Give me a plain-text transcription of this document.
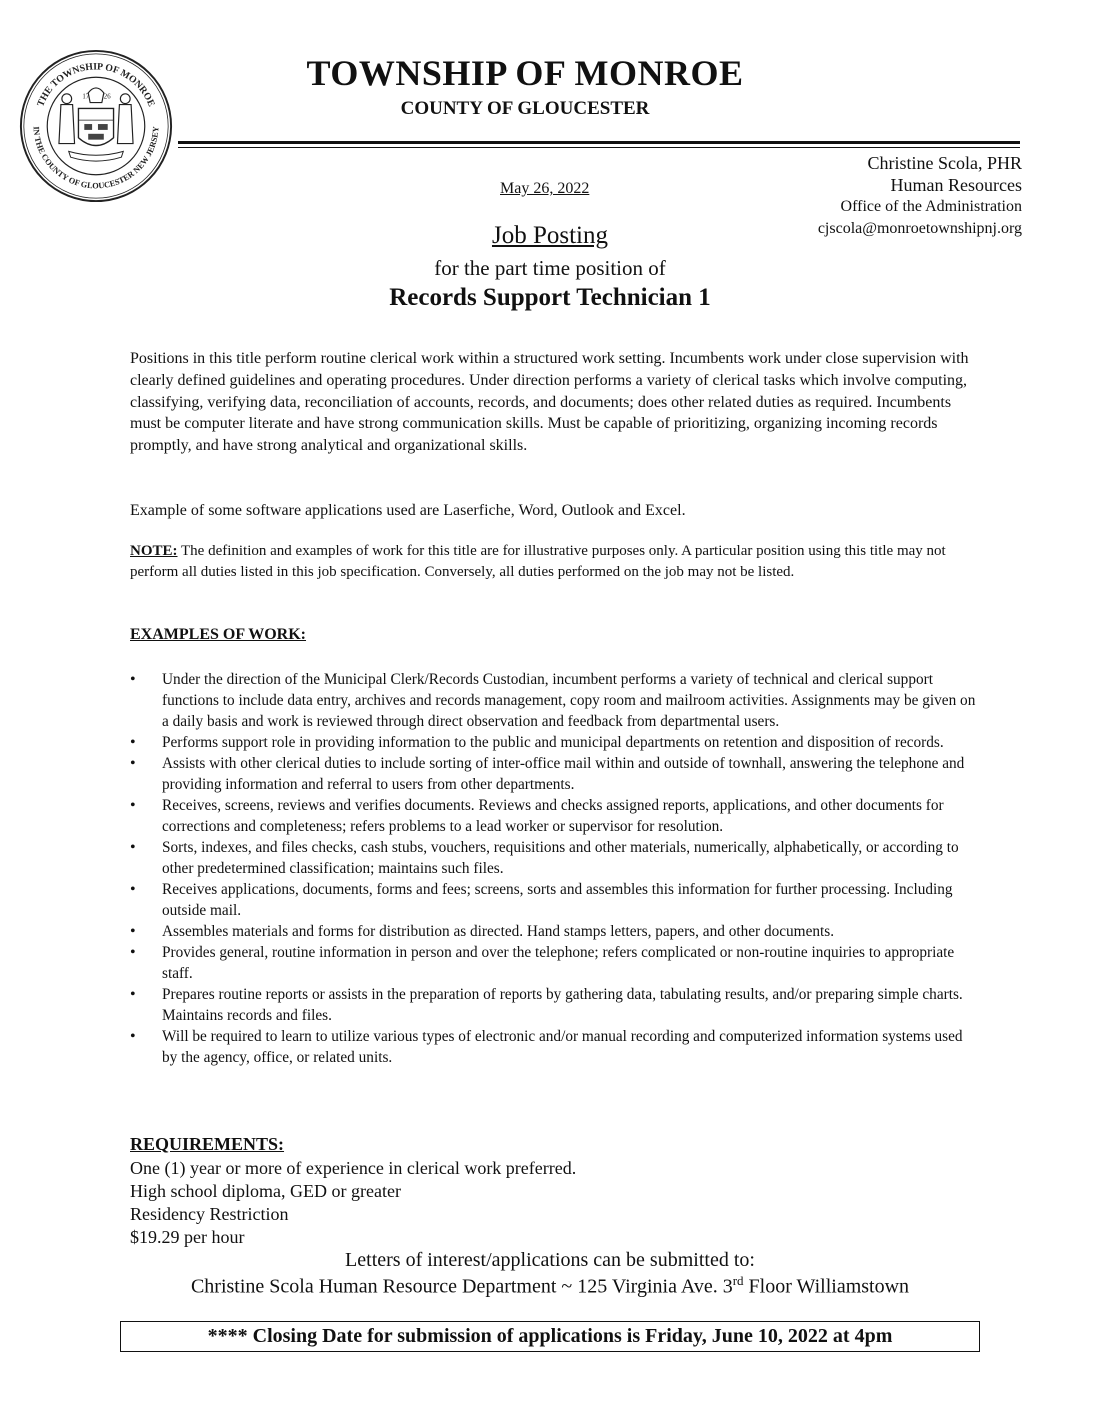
THE TOWNSHIP OF MONROE
IN THE COUNTY OF GLOUCESTER NEW JERSEY
17 26
TOWNSHIP OF MONROE
COUNTY OF GLOUCESTER
Christine Scola, PHR
Human Resources
Office of the Administration
cjscola@monroetownshipnj.org
May 26, 2022
Job Posting
for the part time position of
Records Support Technician 1
Positions in this title perform routine clerical work within a structured work setting. Incumbents work under close supervision with clearly defined guidelines and operating procedures. Under direction performs a variety of clerical tasks which involve computing, classifying, verifying data, reconciliation of accounts, records, and documents; does other related duties as required. Incumbents must be computer literate and have strong communication skills. Must be capable of prioritizing, organizing incoming records promptly, and have strong analytical and organizational skills.
Example of some software applications used are Laserfiche, Word, Outlook and Excel.
NOTE: The definition and examples of work for this title are for illustrative purposes only. A particular position using this title may not perform all duties listed in this job specification. Conversely, all duties performed on the job may not be listed.
EXAMPLES OF WORK:
• Under the direction of the Municipal Clerk/Records Custodian, incumbent performs a variety of technical and clerical support functions to include data entry, archives and records management, copy room and mailroom activities. Assignments may be given on a daily basis and work is reviewed through direct observation and feedback from departmental users.
• Performs support role in providing information to the public and municipal departments on retention and disposition of records.
• Assists with other clerical duties to include sorting of inter-office mail within and outside of townhall, answering the telephone and providing information and referral to users from other departments.
• Receives, screens, reviews and verifies documents. Reviews and checks assigned reports, applications, and other documents for corrections and completeness; refers problems to a lead worker or supervisor for resolution.
• Sorts, indexes, and files checks, cash stubs, vouchers, requisitions and other materials, numerically, alphabetically, or according to other predetermined classification; maintains such files.
• Receives applications, documents, forms and fees; screens, sorts and assembles this information for further processing. Including outside mail.
• Assembles materials and forms for distribution as directed. Hand stamps letters, papers, and other documents.
• Provides general, routine information in person and over the telephone; refers complicated or non-routine inquiries to appropriate staff.
• Prepares routine reports or assists in the preparation of reports by gathering data, tabulating results, and/or preparing simple charts. Maintains records and files.
• Will be required to learn to utilize various types of electronic and/or manual recording and computerized information systems used by the agency, office, or related units.
REQUIREMENTS:
One (1) year or more of experience in clerical work preferred.
High school diploma, GED or greater
Residency Restriction
$19.29 per hour
Letters of interest/applications can be submitted to:
Christine Scola Human Resource Department ~ 125 Virginia Ave. 3rd Floor Williamstown
**** Closing Date for submission of applications is Friday, June 10, 2022 at 4pm
